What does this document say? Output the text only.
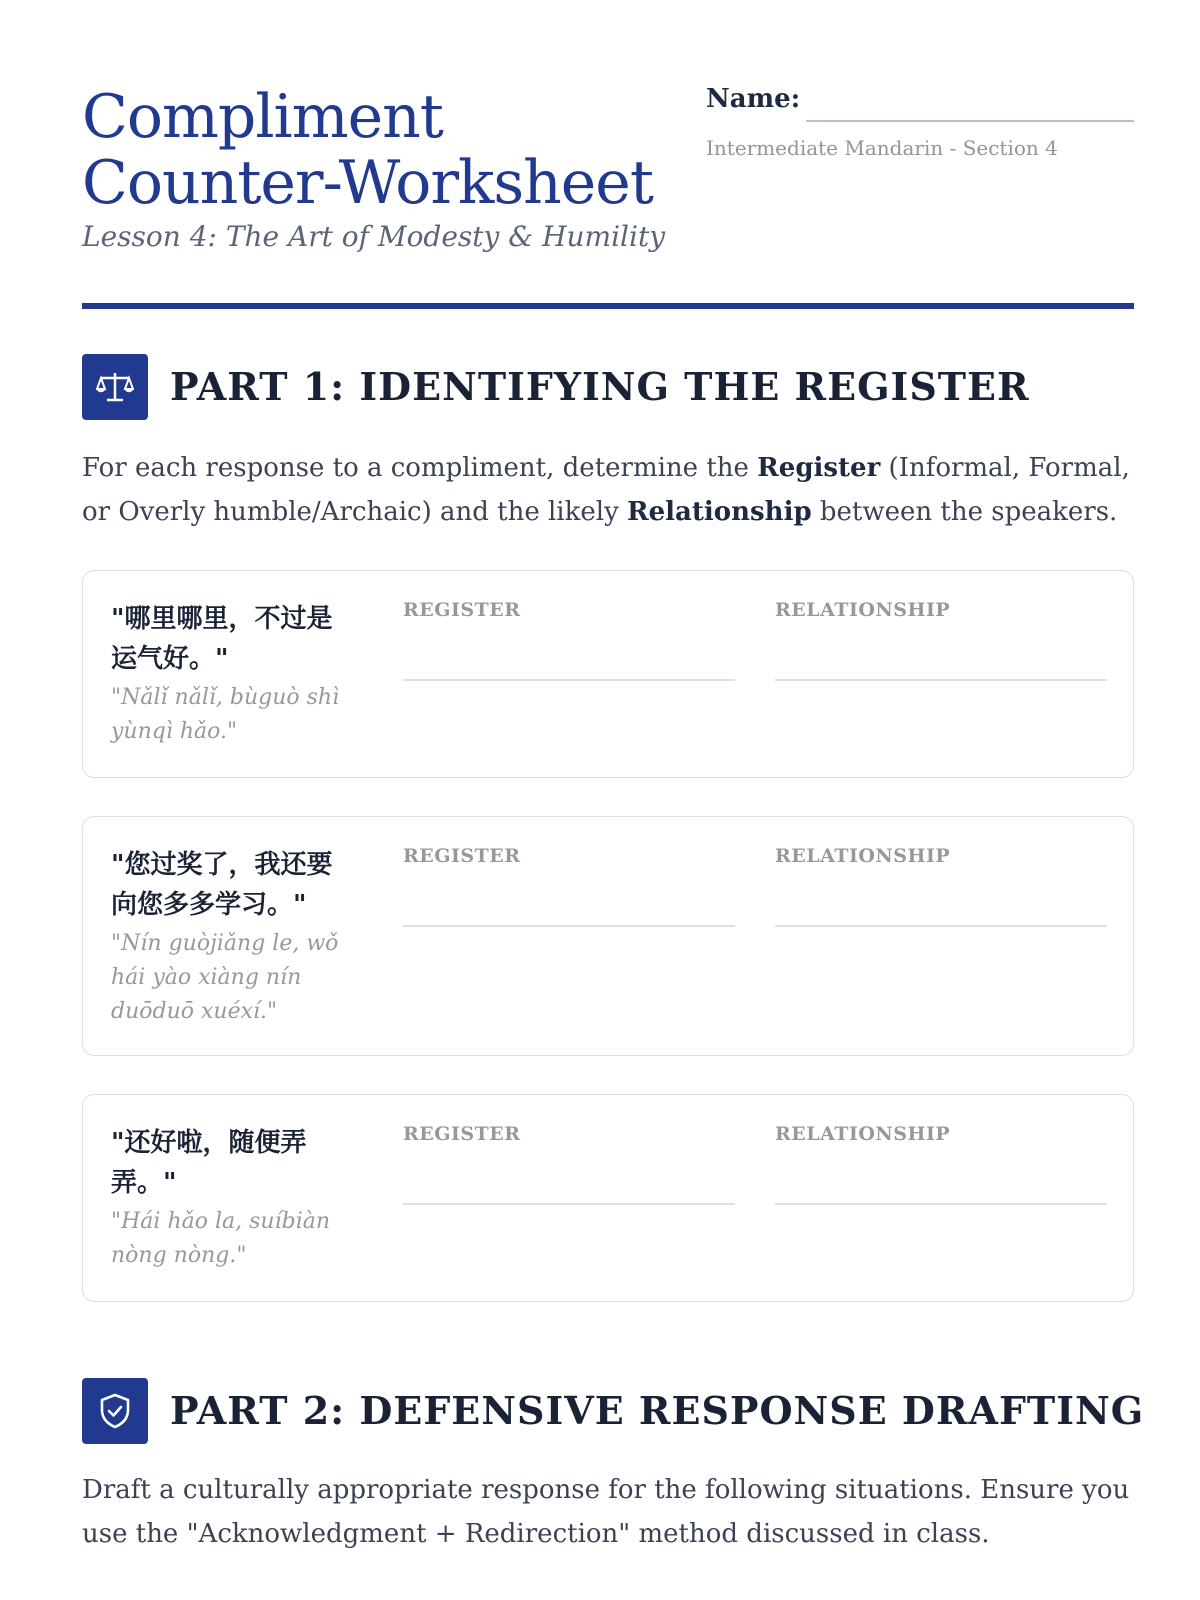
Compliment Counter-Worksheet
Lesson 4: The Art of Modesty & Humility
Name:
Intermediate Mandarin - Section 4
PART 1: IDENTIFYING THE REGISTER
For each response to a compliment, determine the Register (Informal, Formal, or Overly humble/Archaic) and the likely Relationship between the speakers.
"哪里哪里，不过是运气好。"
"Nǎlǐ nǎlǐ, bùguò shì yùnqì hǎo."
REGISTER	RELATIONSHIP
"您过奖了，我还要向您多多学习。"
"Nín guòjiǎng le, wǒ hái yào xiàng nín duōduō xuéxí."
REGISTER	RELATIONSHIP
"还好啦，随便弄弄。"
"Hái hǎo la, suíbiàn nòng nòng."
REGISTER	RELATIONSHIP
PART 2: DEFENSIVE RESPONSE DRAFTING
Draft a culturally appropriate response for the following situations. Ensure you use the "Acknowledgment + Redirection" method discussed in class.
